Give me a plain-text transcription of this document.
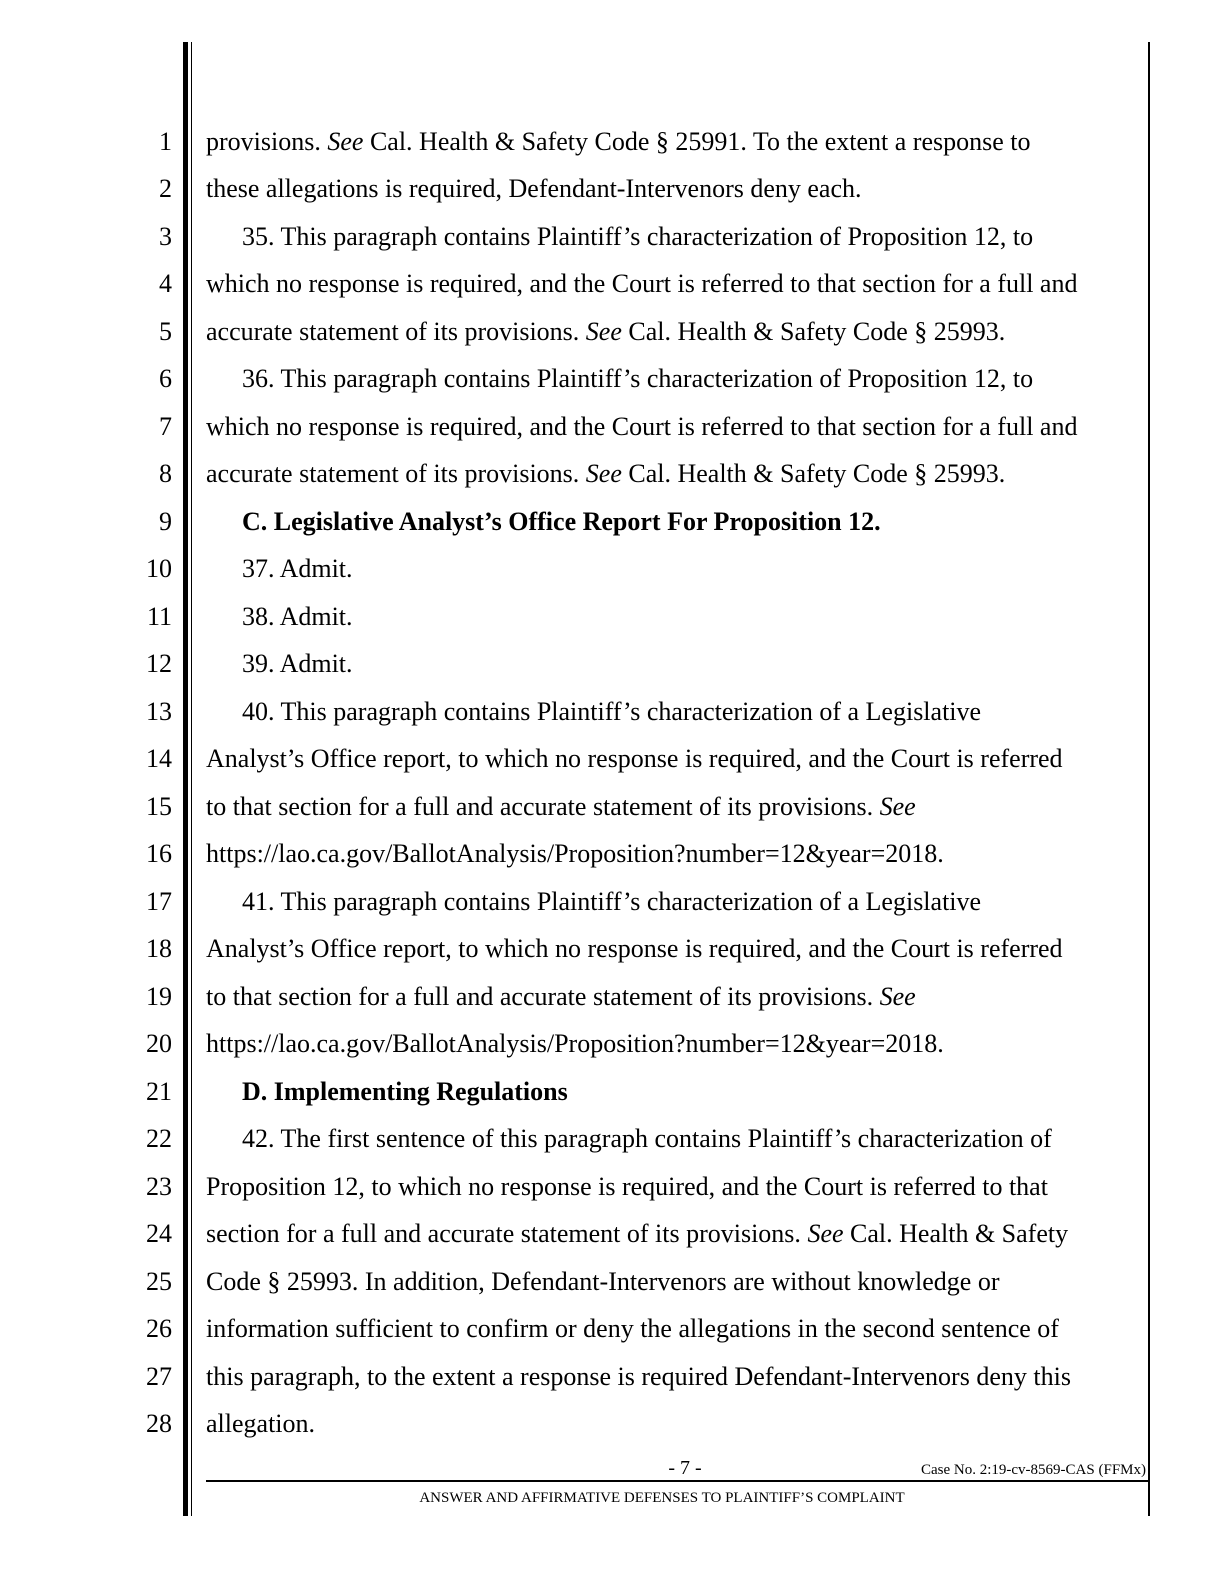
1
2
3
4
5
6
7
8
9
10
11
12
13
14
15
16
17
18
19
20
21
22
23
24
25
26
27
28
provisions. See Cal. Health & Safety Code § 25991. To the extent a response to
these allegations is required, Defendant-Intervenors deny each.
35. This paragraph contains Plaintiff’s characterization of Proposition 12, to
which no response is required, and the Court is referred to that section for a full and
accurate statement of its provisions. See Cal. Health & Safety Code § 25993.
36. This paragraph contains Plaintiff’s characterization of Proposition 12, to
which no response is required, and the Court is referred to that section for a full and
accurate statement of its provisions. See Cal. Health & Safety Code § 25993.
C. Legislative Analyst’s Office Report For Proposition 12.
37. Admit.
38. Admit.
39. Admit.
40. This paragraph contains Plaintiff’s characterization of a Legislative
Analyst’s Office report, to which no response is required, and the Court is referred
to that section for a full and accurate statement of its provisions. See
https://lao.ca.gov/BallotAnalysis/Proposition?number=12&year=2018.
41. This paragraph contains Plaintiff’s characterization of a Legislative
Analyst’s Office report, to which no response is required, and the Court is referred
to that section for a full and accurate statement of its provisions. See
https://lao.ca.gov/BallotAnalysis/Proposition?number=12&year=2018.
D. Implementing Regulations
42. The first sentence of this paragraph contains Plaintiff’s characterization of
Proposition 12, to which no response is required, and the Court is referred to that
section for a full and accurate statement of its provisions. See Cal. Health & Safety
Code § 25993. In addition, Defendant-Intervenors are without knowledge or
information sufficient to confirm or deny the allegations in the second sentence of
this paragraph, to the extent a response is required Defendant-Intervenors deny this
allegation.
- 7 -	Case No. 2:19-cv-8569-CAS (FFMx)
ANSWER AND AFFIRMATIVE DEFENSES TO PLAINTIFF’S COMPLAINT
